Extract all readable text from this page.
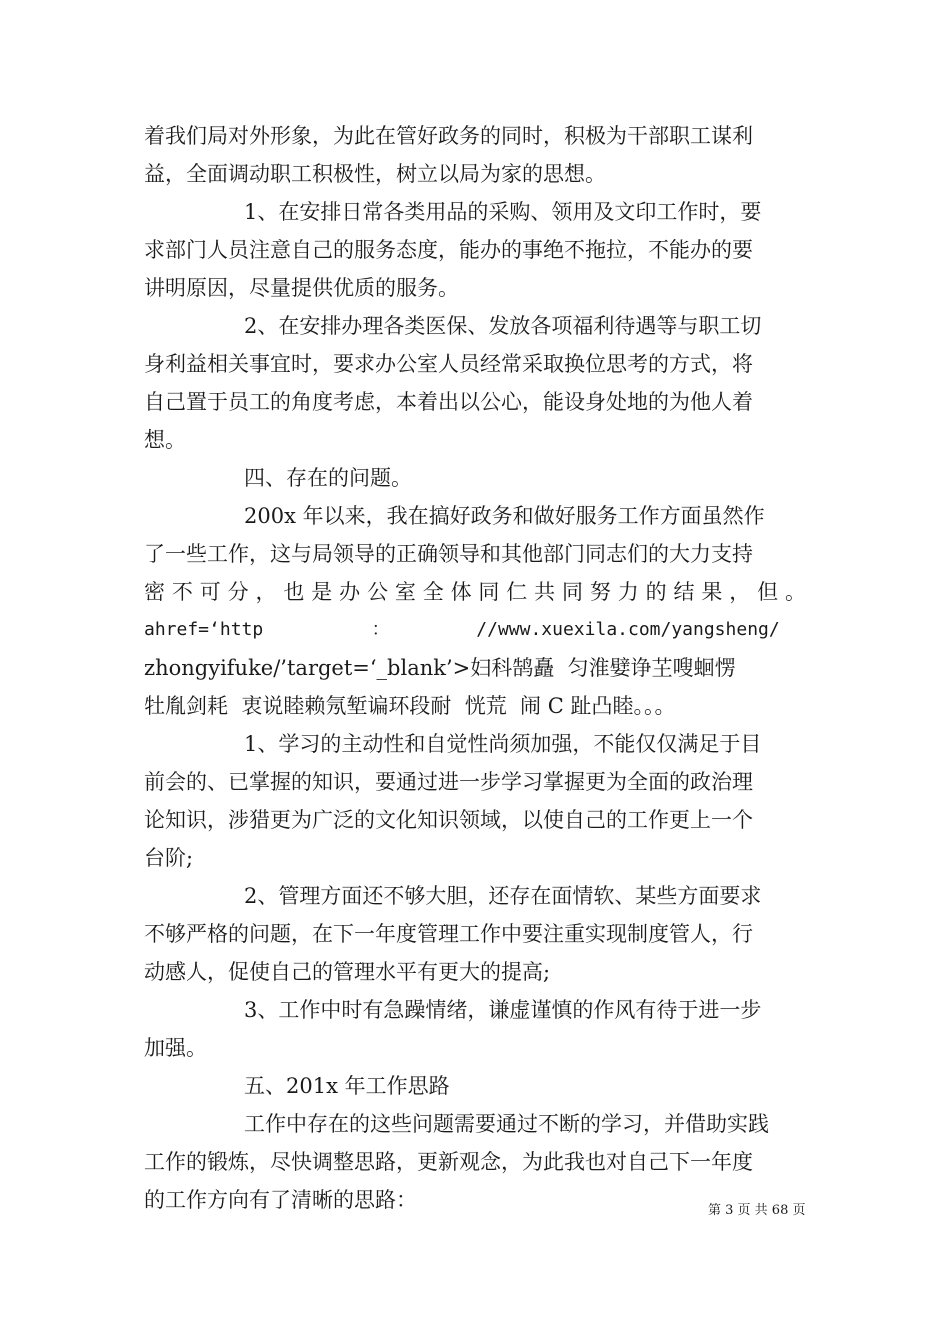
着我们局对外形象，为此在管好政务的同时，积极为干部职工谋利
益，全面调动职工积极性，树立以局为家的思想。
1、在安排日常各类用品的采购、领用及文印工作时，要
求部门人员注意自己的服务态度，能办的事绝不拖拉，不能办的要
讲明原因，尽量提供优质的服务。
2、在安排办理各类医保、发放各项福利待遇等与职工切
身利益相关事宜时，要求办公室人员经常采取换位思考的方式，将
自己置于员工的角度考虑，本着出以公心，能设身处地的为他人着
想。
四、存在的问题。
200x 年以来，我在搞好政务和做好服务工作方面虽然作
了一些工作，这与局领导的正确领导和其他部门同志们的大力支持
密 不 可 分 ， 也 是 办 公 室 全 体 同 仁 共 同 努 力 的 结 果 ， 但 。
ahref=‘http          ：        //www.xuexila.com/yangsheng/
zhongyifuke/’target=‘_blank’>妇科鹄矗  匀淮嬖诤芏嗖蛔愣
牡胤剑耗  衷说睦赖氖堑谝环段耐  恍荒  闹 C 趾凸睦。。。
1、学习的主动性和自觉性尚须加强，不能仅仅满足于目
前会的、已掌握的知识，要通过进一步学习掌握更为全面的政治理
论知识，涉猎更为广泛的文化知识领域，以使自己的工作更上一个
台阶;
2、管理方面还不够大胆，还存在面情软、某些方面要求
不够严格的问题，在下一年度管理工作中要注重实现制度管人，行
动感人，促使自己的管理水平有更大的提高;
3、工作中时有急躁情绪，谦虚谨慎的作风有待于进一步
加强。
五、201x 年工作思路
工作中存在的这些问题需要通过不断的学习，并借助实践
工作的锻炼，尽快调整思路，更新观念，为此我也对自己下一年度
的工作方向有了清晰的思路：	第 3 页 共 68 页
